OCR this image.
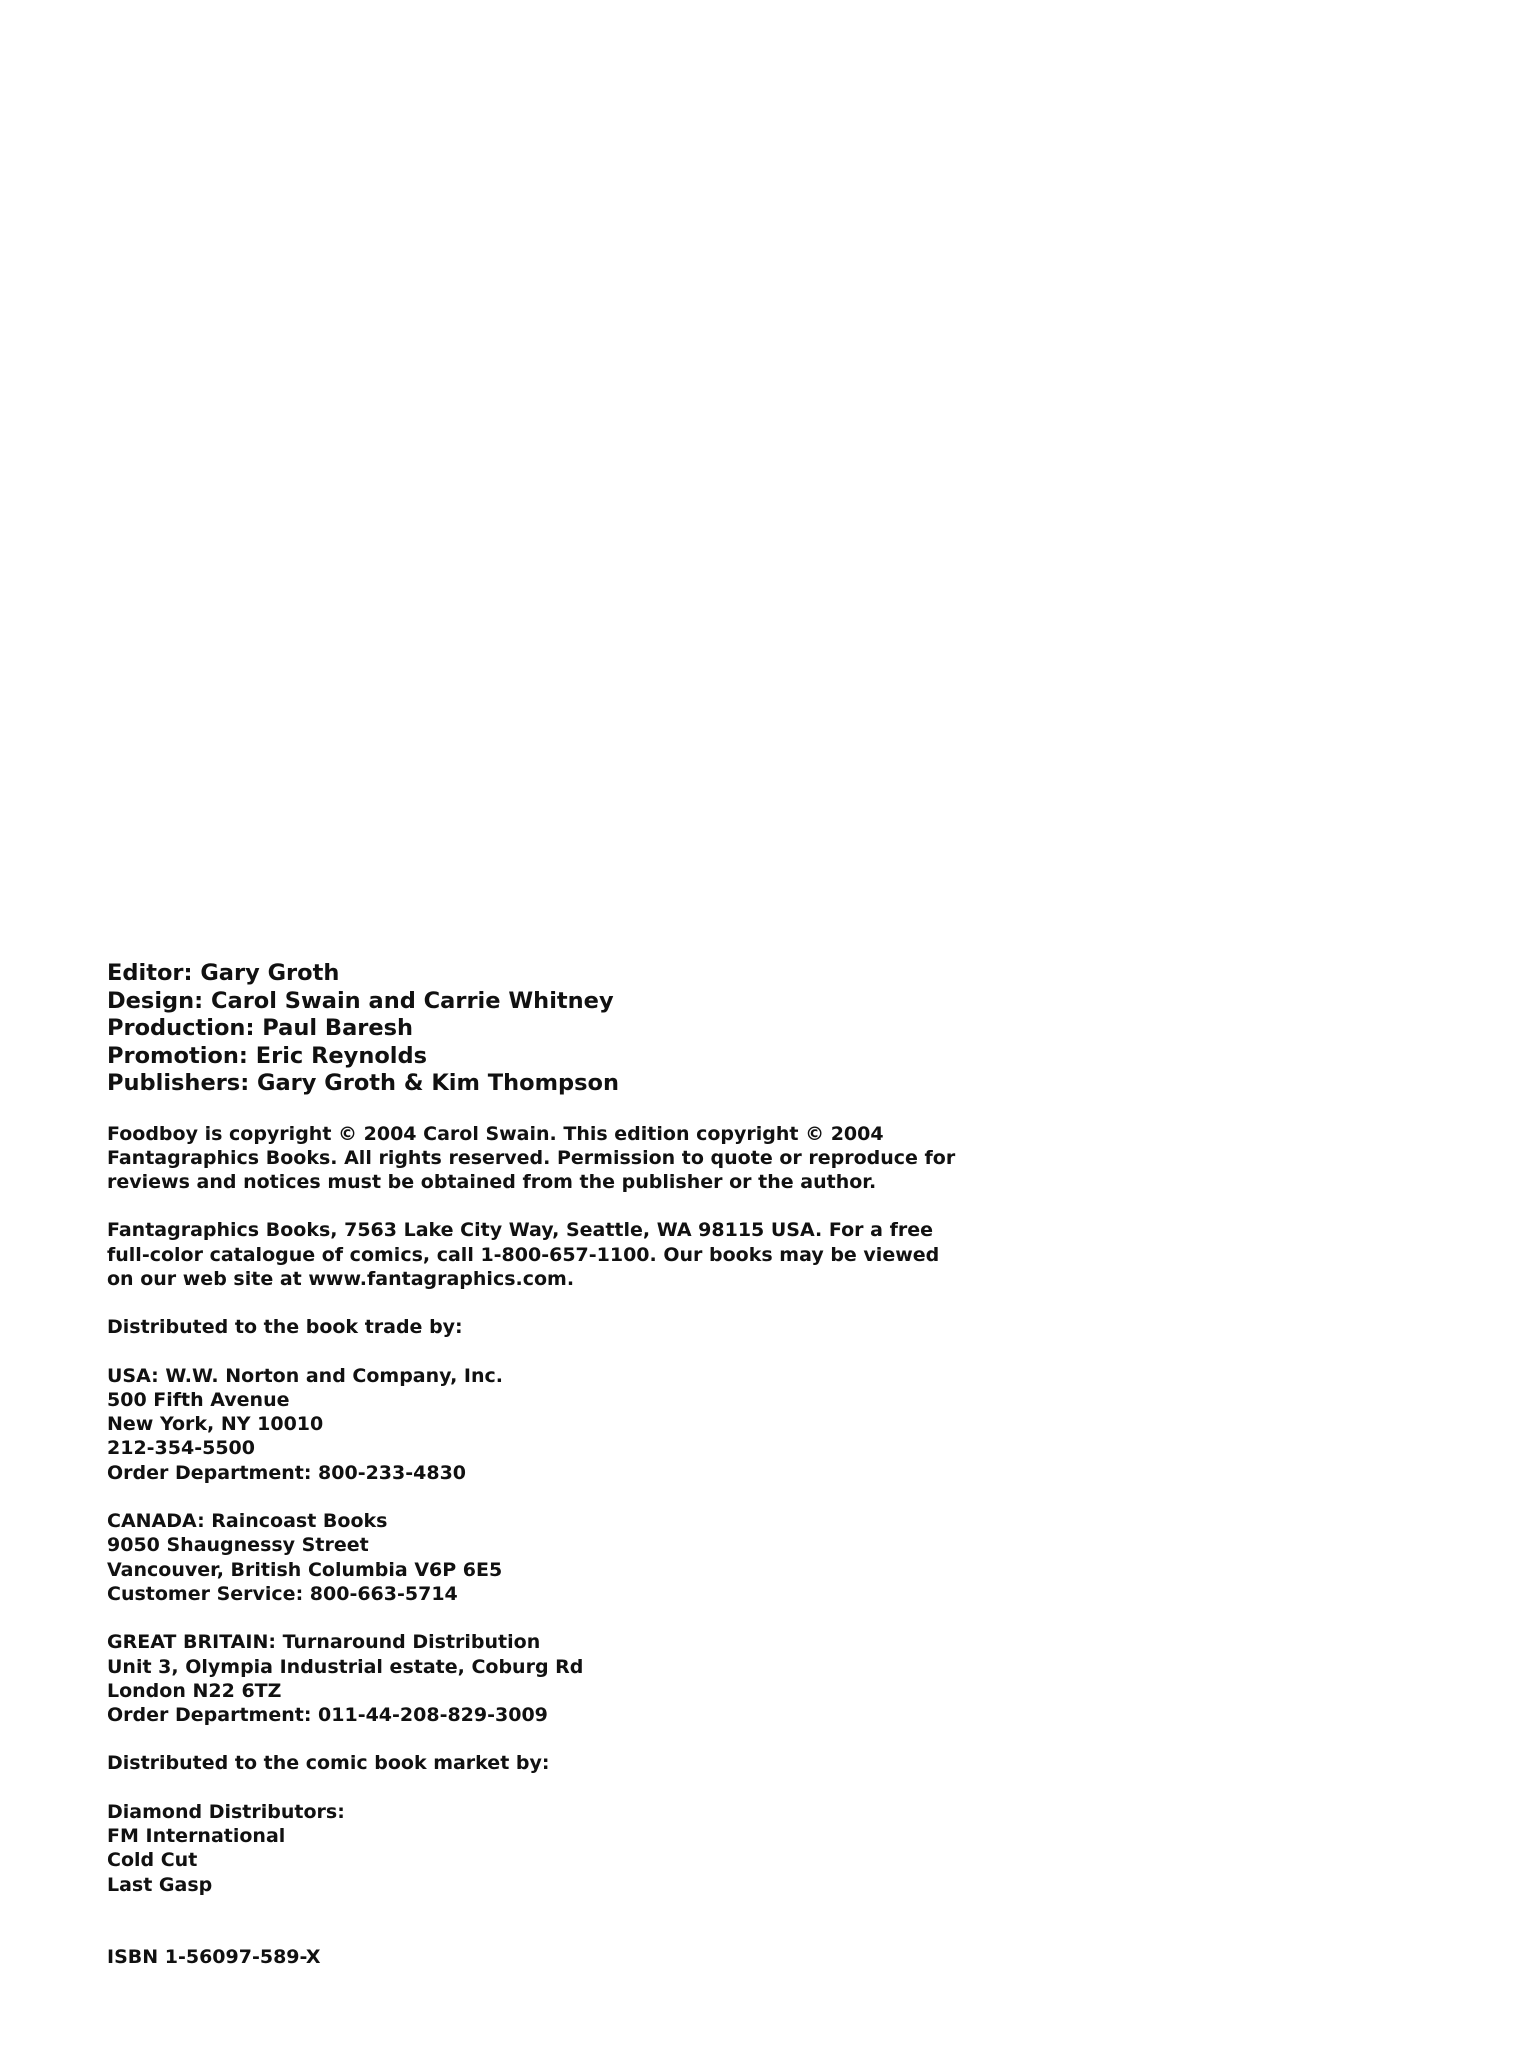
Editor: Gary Groth
Design: Carol Swain and Carrie Whitney
Production: Paul Baresh
Promotion: Eric Reynolds
Publishers: Gary Groth & Kim Thompson
Foodboy is copyright © 2004 Carol Swain. This edition copyright © 2004
Fantagraphics Books. All rights reserved. Permission to quote or reproduce for
reviews and notices must be obtained from the publisher or the author.
Fantagraphics Books, 7563 Lake City Way, Seattle, WA 98115 USA. For a free
full-color catalogue of comics, call 1-800-657-1100. Our books may be viewed
on our web site at www.fantagraphics.com.
Distributed to the book trade by:
USA: W.W. Norton and Company, Inc.
500 Fifth Avenue
New York, NY 10010
212-354-5500
Order Department: 800-233-4830
CANADA: Raincoast Books
9050 Shaugnessy Street
Vancouver, British Columbia V6P 6E5
Customer Service: 800-663-5714
GREAT BRITAIN: Turnaround Distribution
Unit 3, Olympia Industrial estate, Coburg Rd
London N22 6TZ
Order Department: 011-44-208-829-3009
Distributed to the comic book market by:
Diamond Distributors:
FM International
Cold Cut
Last Gasp
ISBN 1-56097-589-X
